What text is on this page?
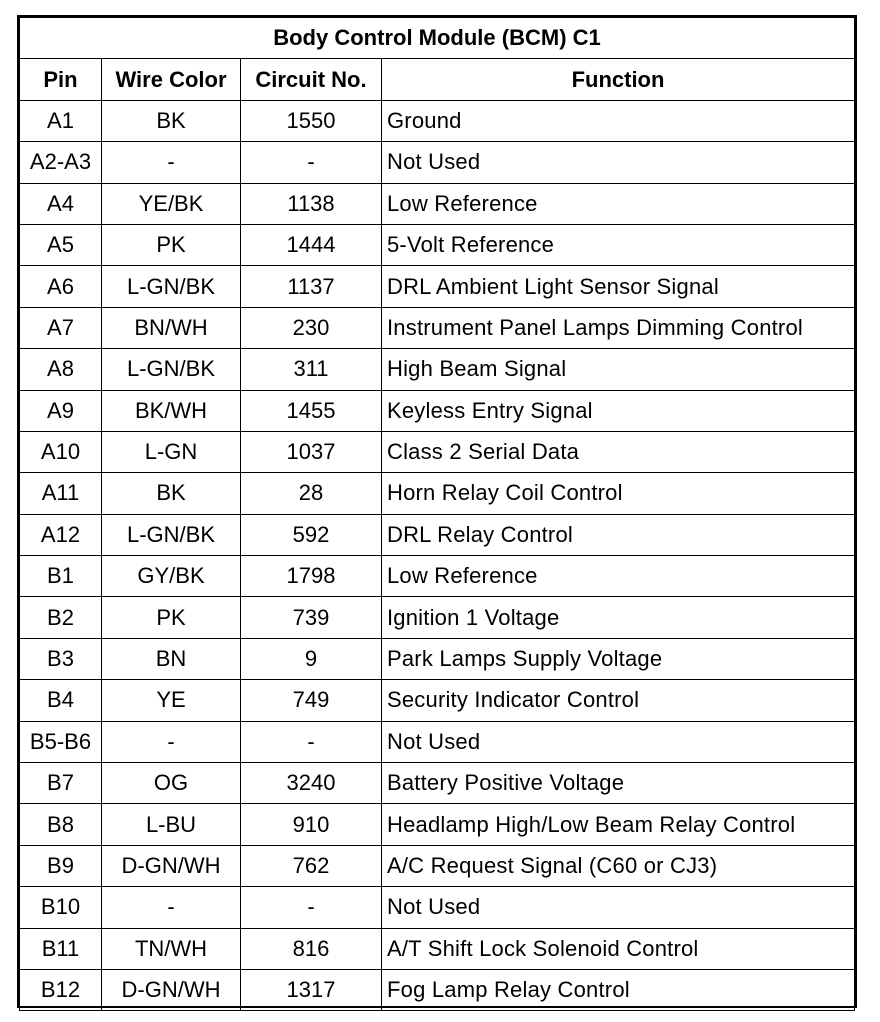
Body Control Module (BCM) C1			
Pin	Wire Color	Circuit No.	Function
A1	BK	1550	Ground
A2-A3	-	-	Not Used
A4	YE/BK	1138	Low Reference
A5	PK	1444	5-Volt Reference
A6	L-GN/BK	1137	DRL Ambient Light Sensor Signal
A7	BN/WH	230	Instrument Panel Lamps Dimming Control
A8	L-GN/BK	311	High Beam Signal
A9	BK/WH	1455	Keyless Entry Signal
A10	L-GN	1037	Class 2 Serial Data
A11	BK	28	Horn Relay Coil Control
A12	L-GN/BK	592	DRL Relay Control
B1	GY/BK	1798	Low Reference
B2	PK	739	Ignition 1 Voltage
B3	BN	9	Park Lamps Supply Voltage
B4	YE	749	Security Indicator Control
B5-B6	-	-	Not Used
B7	OG	3240	Battery Positive Voltage
B8	L-BU	910	Headlamp High/Low Beam Relay Control
B9	D-GN/WH	762	A/C Request Signal (C60 or CJ3)
B10	-	-	Not Used
B11	TN/WH	816	A/T Shift Lock Solenoid Control
B12	D-GN/WH	1317	Fog Lamp Relay Control
